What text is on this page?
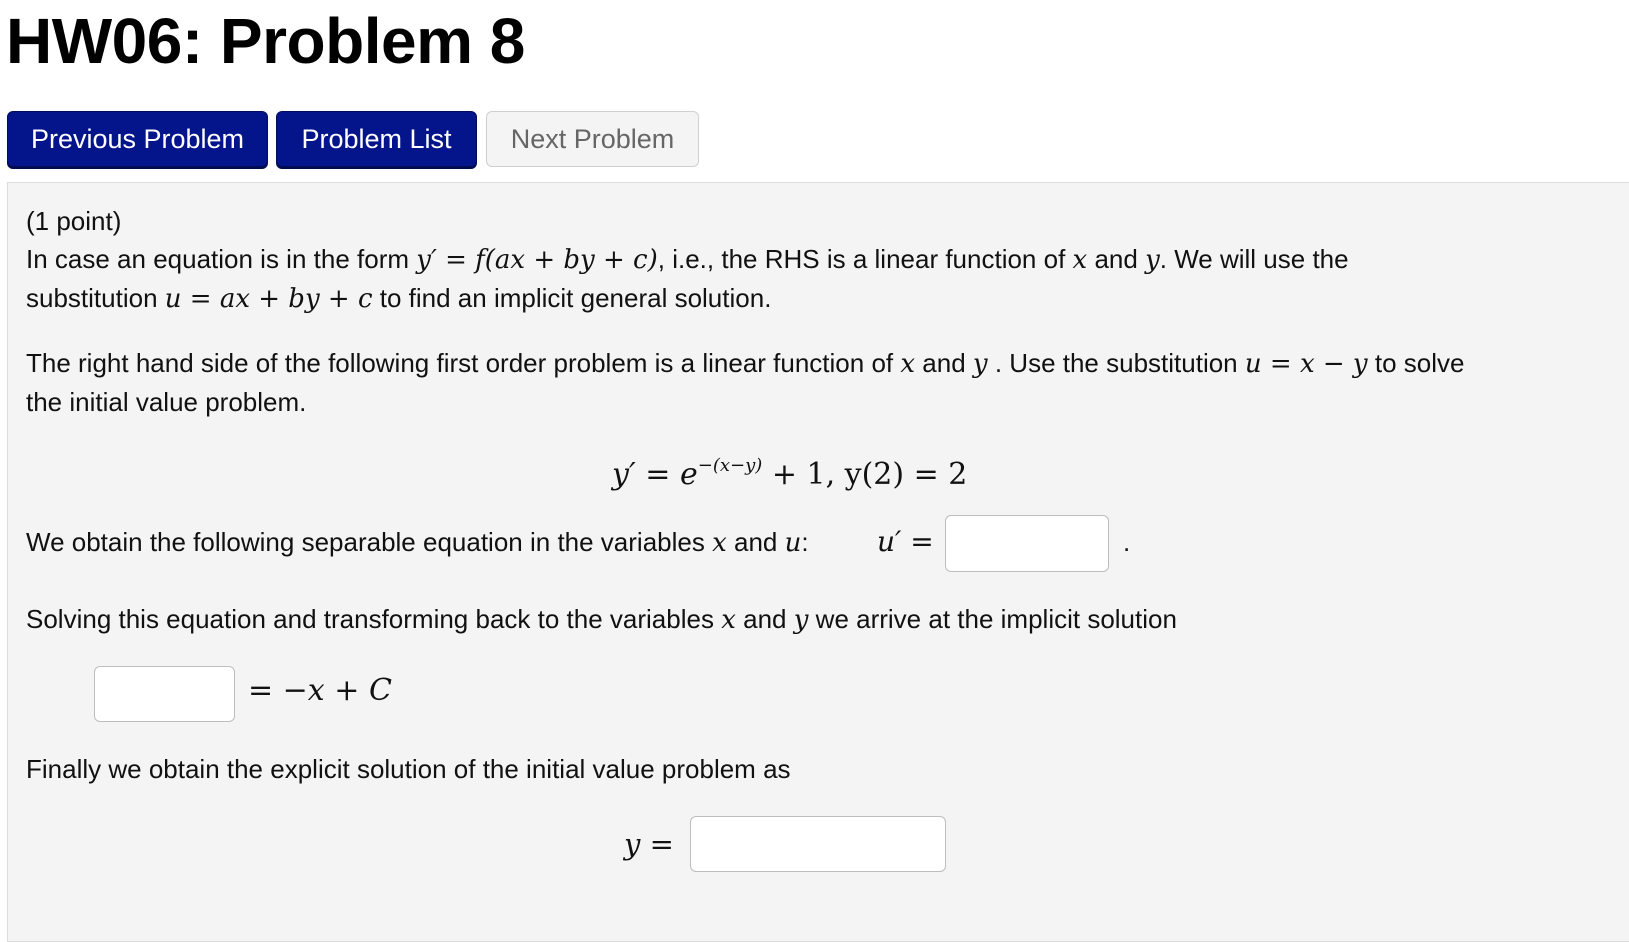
HW06: Problem 8
Previous Problem	Problem List	Next Problem
(1 point)
In case an equation is in the form y′ = f(ax + by + c), i.e., the RHS is a linear function of x and y. We will use the
substitution u = ax + by + c to find an implicit general solution.
The right hand side of the following first order problem is a linear function of x and y . Use the substitution u = x − y to solve
the initial value problem.
$y' = e^{-(x-y)} + 1$, y(2) = 2
We obtain the following separable equation in the variables x and u: u′ =	.
Solving this equation and transforming back to the variables x and y we arrive at the implicit solution
= −x + C
Finally we obtain the explicit solution of the initial value problem as
y =
